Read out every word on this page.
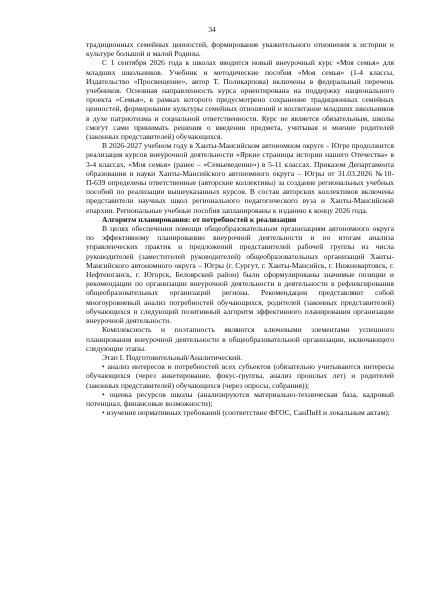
34

традиционных семейных ценностей, формирование уважительного отношения к истории и культуре большой и малой Родины.

С 1 сентября 2026 года в школах вводится новый внеурочный курс «Моя семья» для младших школьников. Учебник и методические пособия «Моя семья» (1-4 классы, Издательство «Просвещение», автор Т. Поликарпова) включены в федеральный перечень учебников. Основная направленность курса ориентирована на поддержку национального проекта «Семья», в рамках которого предусмотрено сохранение традиционных семейных ценностей, формирование культуры семейных отношений и воспитание младших школьников в духе патриотизма и социальной ответственности. Курс не является обязательным, школы смогут сами принимать решения о введении предмета, учитывая и мнение родителей (законных представителей) обучающихся.

В 2026-2027 учебном году в Ханты-Мансийском автономном округе – Югре продолжится реализация курсов внеурочной деятельности «Яркие страницы истории нашего Отечества» в 3-4 классах, «Моя семья» (ранее – «Семьеведение») в 5-11 классах. Приказом Департамента образования и науки Ханты-Мансийского автономного округа – Югры от 31.03.2026 №10-П-639 определены ответственные (авторские коллективы) за создание региональных учебных пособий по реализации вышеуказанных курсов. В состав авторских коллективов включены представители научных школ регионального педагогического вуза и Ханты-Мансийской епархии. Региональные учебные пособия запланированы к изданию к концу 2026 года.

Алгоритм планирования: от потребностей к реализации

В целях обеспечения помощи общеобразовательным организациям автономного округа по эффективному планированию внеурочной деятельности и по итогам анализа управленческих практик и предложений представителей рабочей группы из числа руководителей (заместителей руководителей) общеобразовательных организаций Ханты-Мансийского автономного округа – Югры (г. Сургут, г. Ханты-Мансийск, г. Нижневартовск, г. Нефтеюганск, г. Югорск, Белоярский район) были сформулированы значимые позиции и рекомендации по организации внеурочной деятельности в деятельности в рефлексирования общеобразовательных организаций региона. Рекомендации представляют собой многоуровневый анализ потребностей обучающихся, родителей (законных представителей) обучающихся и следующий позитивный алгоритм эффективного планирования организации внеурочной деятельности.

Комплексность и поэтапность являются ключевыми элементами успешного планирования внеурочной деятельности в общеобразовательной организации, включающего следующие этапы.

Этап I. Подготовительный/Аналитический.

• анализ интересов и потребностей всех субъектов (обязательно учитываются интересы обучающихся (через анкетирование, фокус-группы, анализ прошлых лет) и родителей (законных представителей) обучающихся (через опросы, собрания));

• оценка ресурсов школы (анализируются материально-техническая база, кадровый потенциал, финансовые возможности);

• изучение нормативных требований (соответствие ФГОС, СанПиН и локальным актам);
